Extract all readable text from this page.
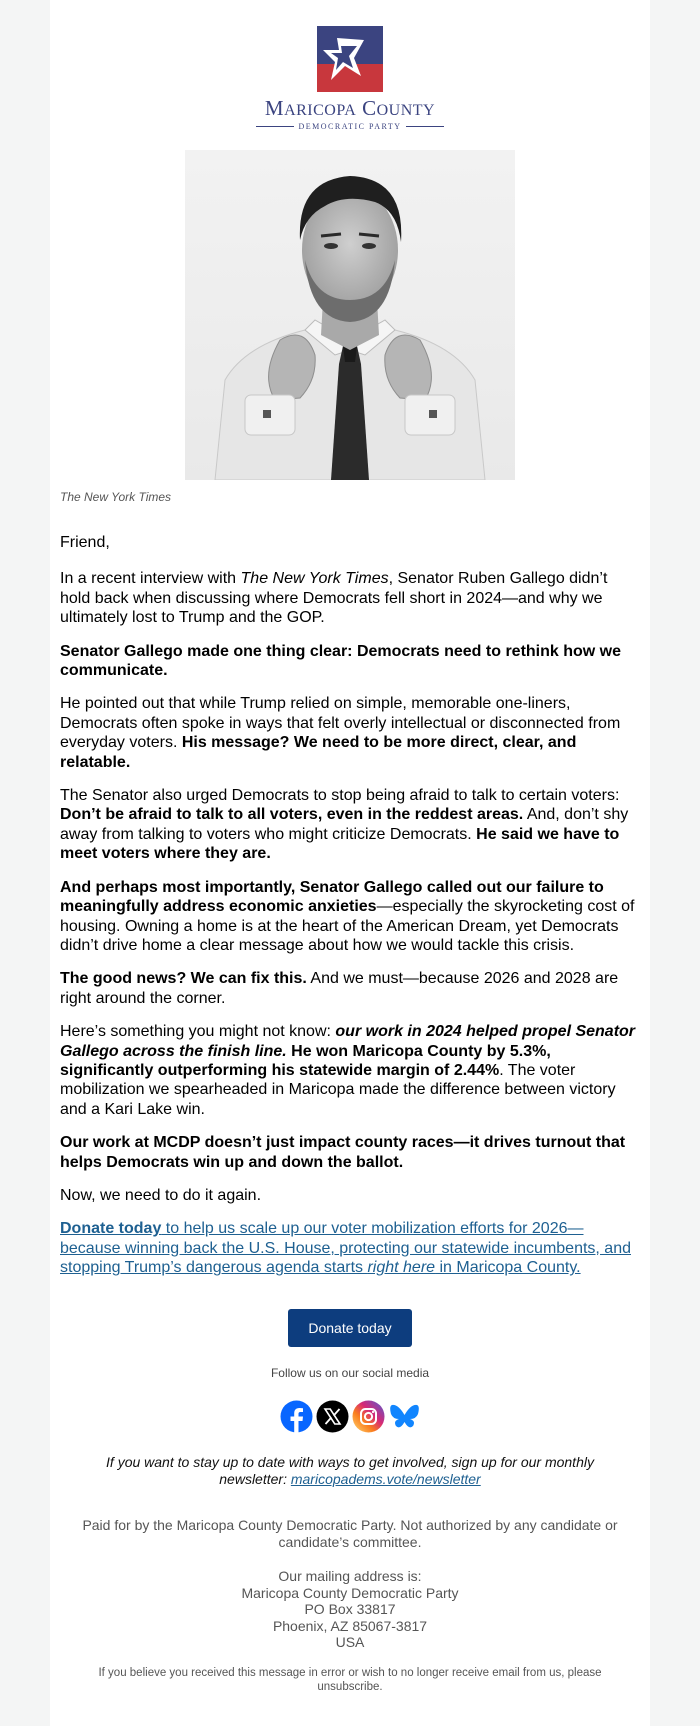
MARICOPA COUNTY
DEMOCRATIC PARTY
The New York Times

Friend,

In a recent interview with The New York Times, Senator Ruben Gallego didn’t hold back when discussing where Democrats fell short in 2024—and why we ultimately lost to Trump and the GOP.

Senator Gallego made one thing clear: Democrats need to rethink how we communicate.

He pointed out that while Trump relied on simple, memorable one-liners, Democrats often spoke in ways that felt overly intellectual or disconnected from everyday voters. His message? We need to be more direct, clear, and relatable.

The Senator also urged Democrats to stop being afraid to talk to certain voters: Don’t be afraid to talk to all voters, even in the reddest areas. And, don’t shy away from talking to voters who might criticize Democrats. He said we have to meet voters where they are.

And perhaps most importantly, Senator Gallego called out our failure to meaningfully address economic anxieties—especially the skyrocketing cost of housing. Owning a home is at the heart of the American Dream, yet Democrats didn’t drive home a clear message about how we would tackle this crisis.

The good news? We can fix this. And we must—because 2026 and 2028 are right around the corner.

Here’s something you might not know: our work in 2024 helped propel Senator Gallego across the finish line. He won Maricopa County by 5.3%, significantly outperforming his statewide margin of 2.44%. The voter mobilization we spearheaded in Maricopa made the difference between victory and a Kari Lake win.

Our work at MCDP doesn’t just impact county races—it drives turnout that helps Democrats win up and down the ballot.

Now, we need to do it again.

Donate today to help us scale up our voter mobilization efforts for 2026—because winning back the U.S. House, protecting our statewide incumbents, and stopping Trump’s dangerous agenda starts right here in Maricopa County.

Donate today
Follow us on our social media
If you want to stay up to date with ways to get involved, sign up for our monthly newsletter: maricopadems.vote/newsletter
Paid for by the Maricopa County Democratic Party. Not authorized by any candidate or candidate’s committee.
Our mailing address is:
Maricopa County Democratic Party
PO Box 33817
Phoenix, AZ 85067-3817
USA
If you believe you received this message in error or wish to no longer receive email from us, please unsubscribe.
